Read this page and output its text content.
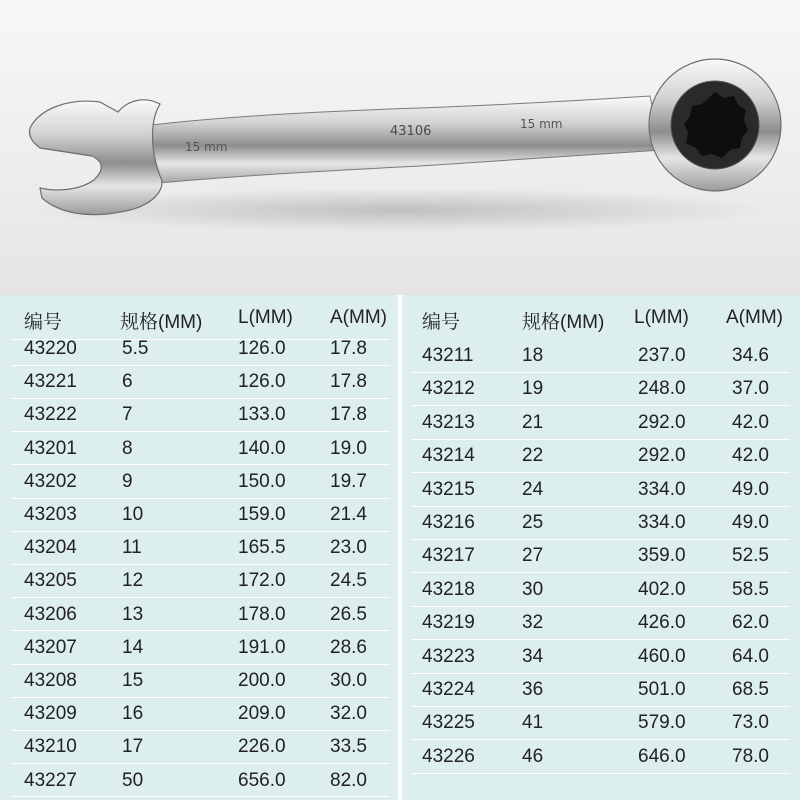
15 mm
43106	15 mm
编号	规格(MM) L(MM) A(MM)
43220 5.5	126.0 17.8
43221 6	126.0 17.8
43222 7	133.0 17.8
43201 8	140.0 19.0
43202 9	150.0 19.7
43203 10	159.0 21.4
43204 11	165.5 23.0
43205 12	172.0 24.5
43206 13	178.0 26.5
43207 14	191.0 28.6
43208 15	200.0 30.0
43209 16	209.0 32.0
43210 17	226.0 33.5
43227 50	656.0 82.0
编号	规格(MM) L(MM) A(MM)
43211	18	237.0 34.6
43212 19	248.0 37.0
43213 21	292.0 42.0
43214 22	292.0 42.0
43215 24	334.0 49.0
43216 25	334.0 49.0
43217 27	359.0 52.5
43218 30	402.0 58.5
43219 32	426.0 62.0
43223 34	460.0 64.0
43224 36	501.0 68.5
43225 41	579.0 73.0
43226 46	646.0 78.0
